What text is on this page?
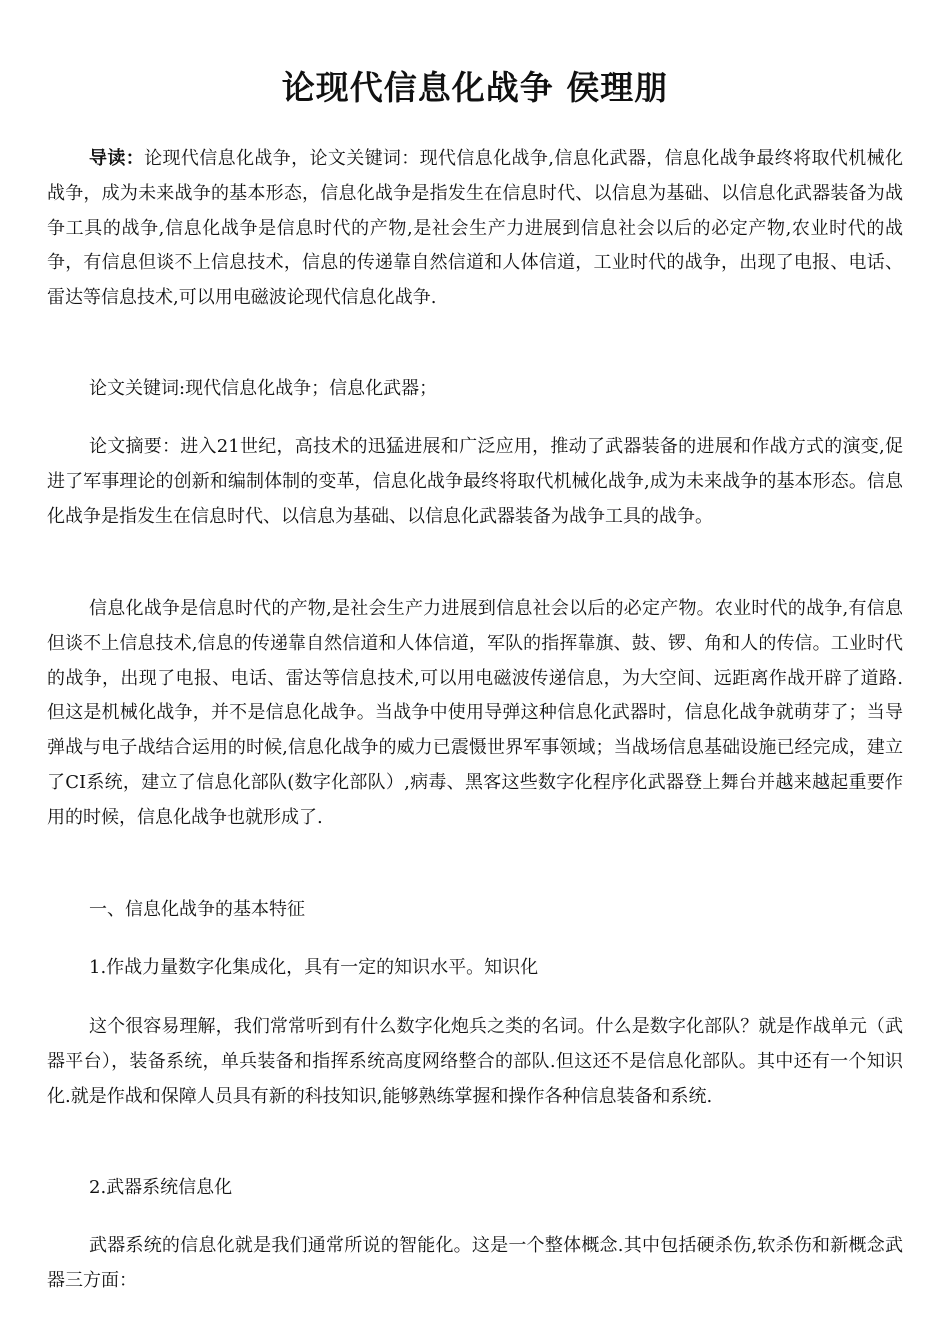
论现代信息化战争 侯理朋

导读：论现代信息化战争，论文关键词：现代信息化战争,信息化武器，信息化战争最终将取代机械化战争，成为未来战争的基本形态，信息化战争是指发生在信息时代、以信息为基础、以信息化武器装备为战争工具的战争,信息化战争是信息时代的产物,是社会生产力进展到信息社会以后的必定产物,农业时代的战争，有信息但谈不上信息技术，信息的传递靠自然信道和人体信道，工业时代的战争，出现了电报、电话、雷达等信息技术,可以用电磁波论现代信息化战争.

论文关键词:现代信息化战争；信息化武器；

论文摘要：进入21世纪，高技术的迅猛进展和广泛应用，推动了武器装备的进展和作战方式的演变,促进了军事理论的创新和编制体制的变革，信息化战争最终将取代机械化战争,成为未来战争的基本形态。信息化战争是指发生在信息时代、以信息为基础、以信息化武器装备为战争工具的战争。

信息化战争是信息时代的产物,是社会生产力进展到信息社会以后的必定产物。农业时代的战争,有信息但谈不上信息技术,信息的传递靠自然信道和人体信道，军队的指挥靠旗、鼓、锣、角和人的传信。工业时代的战争，出现了电报、电话、雷达等信息技术,可以用电磁波传递信息，为大空间、远距离作战开辟了道路.但这是机械化战争，并不是信息化战争。当战争中使用导弹这种信息化武器时，信息化战争就萌芽了；当导弹战与电子战结合运用的时候,信息化战争的威力已震慑世界军事领域；当战场信息基础设施已经完成，建立了CI系统，建立了信息化部队(数字化部队）,病毒、黑客这些数字化程序化武器登上舞台并越来越起重要作用的时候，信息化战争也就形成了.

一、信息化战争的基本特征

1.作战力量数字化集成化，具有一定的知识水平。知识化

这个很容易理解，我们常常听到有什么数字化炮兵之类的名词。什么是数字化部队？就是作战单元（武器平台），装备系统，单兵装备和指挥系统高度网络整合的部队.但这还不是信息化部队。其中还有一个知识化.就是作战和保障人员具有新的科技知识,能够熟练掌握和操作各种信息装备和系统.

2.武器系统信息化

武器系统的信息化就是我们通常所说的智能化。这是一个整体概念.其中包括硬杀伤,软杀伤和新概念武器三方面：
